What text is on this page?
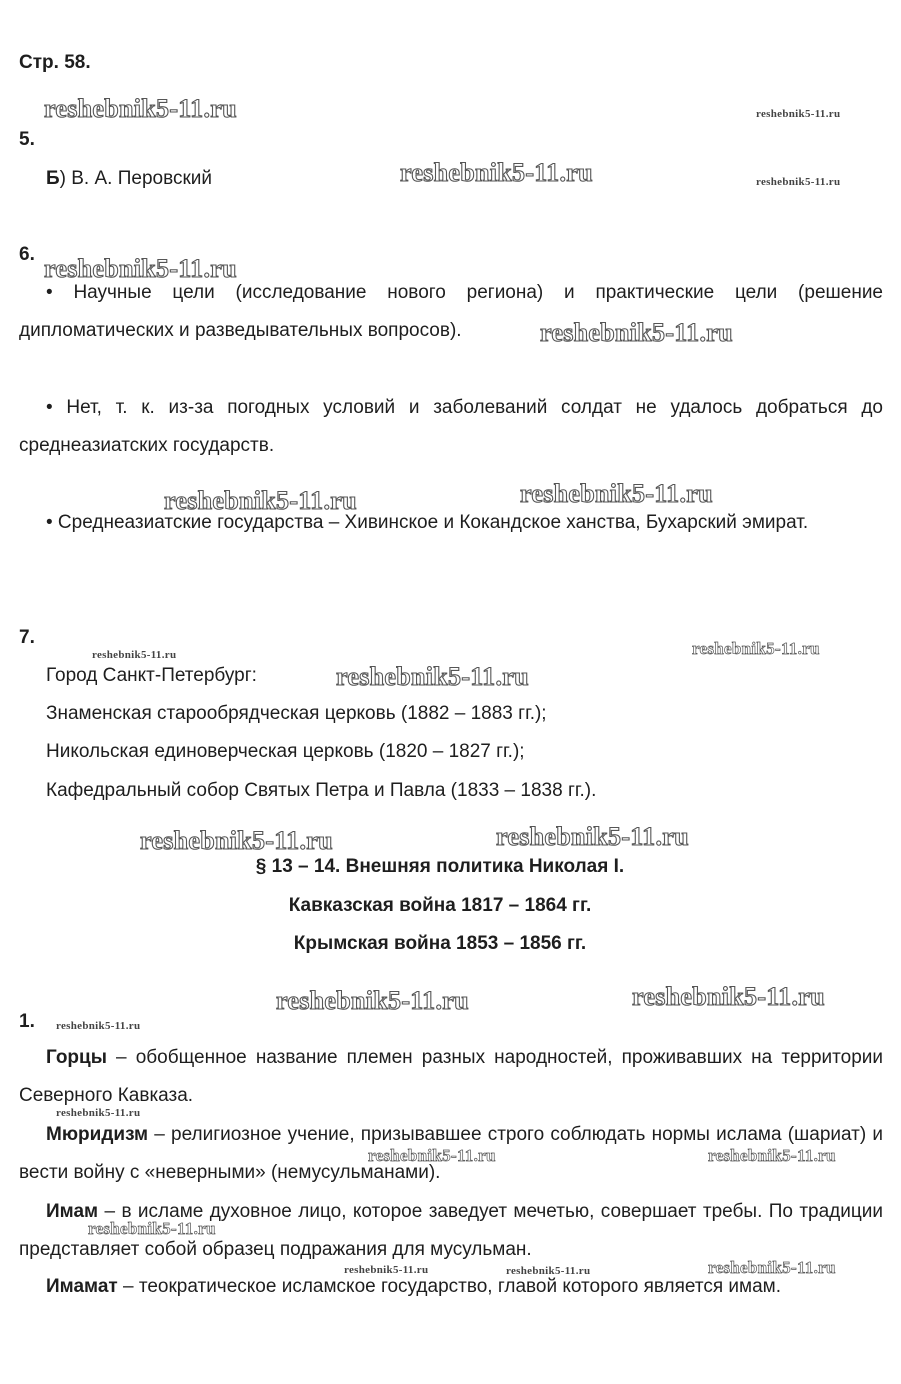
Стр. 58.
5.
Б) В. А. Перовский
6.
• Научные цели (исследование нового региона) и практические цели (решение дипломатических и разведывательных вопросов).
• Нет, т. к. из-за погодных условий и заболеваний солдат не удалось добраться до среднеазиатских государств.
• Среднеазиатские государства – Хивинское и Кокандское ханства, Бухарский эмират.
7.
Город Санкт-Петербург:
Знаменская старообрядческая церковь (1882 – 1883 гг.);
Никольская единоверческая церковь (1820 – 1827 гг.);
Кафедральный собор Святых Петра и Павла (1833 – 1838 гг.).
§ 13 – 14. Внешняя политика Николая I.
Кавказская война 1817 – 1864 гг.
Крымская война 1853 – 1856 гг.
1.
Горцы – обобщенное название племен разных народностей, проживавших на территории Северного Кавказа.
Мюридизм – религиозное учение, призывавшее строго соблюдать нормы ислама (шариат) и вести войну с «неверными» (немусульманами).
Имам – в исламе духовное лицо, которое заведует мечетью, совершает требы. По традиции представляет собой образец подражания для мусульман.
Имамат – теократическое исламское государство, главой которого является имам.
reshebnik5-11.ru	reshebnik5-11.ru
reshebnik5-11.ru	reshebnik5-11.ru
reshebnik5-11.ru
reshebnik5-11.ru
reshebnik5-11.ru	reshebnik5-11.ru
reshebnik5-11.ru	reshebnik5-11.ru
reshebnik5-11.ru
reshebnik5-11.ru	reshebnik5-11.ru
reshebnik5-11.ru	reshebnik5-11.ru
reshebnik5-11.ru
reshebnik5-11.ru
reshebnik5-11.ru	reshebnik5-11.ru
reshebnik5-11.ru
reshebnik5-11.ru	reshebnik5-11.ru	reshebnik5-11.ru
